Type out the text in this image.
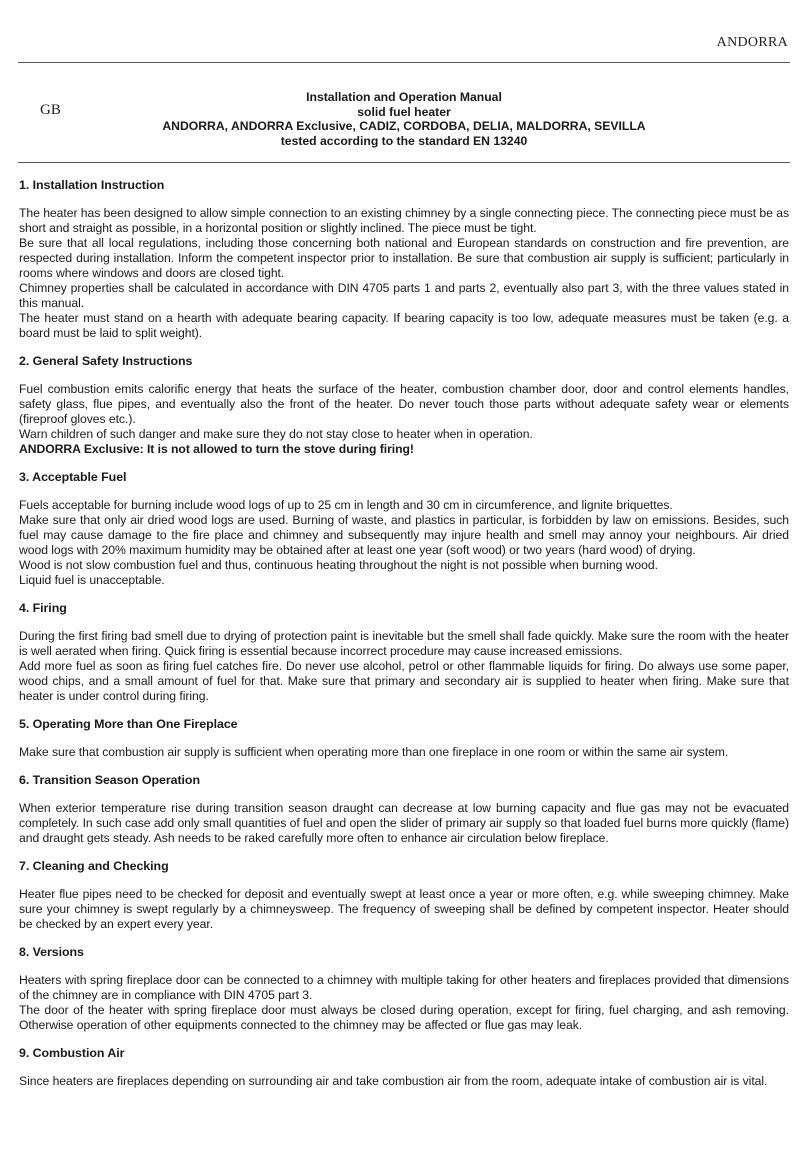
ANDORRA
GB
Installation and Operation Manual
solid fuel heater
ANDORRA, ANDORRA Exclusive, CADIZ, CORDOBA, DELIA, MALDORRA, SEVILLA
tested according to the standard EN 13240
1. Installation Instruction

The heater has been designed to allow simple connection to an existing chimney by a single connecting piece. The connecting piece must be as short and straight as possible, in a horizontal position or slightly inclined. The piece must be tight.

Be sure that all local regulations, including those concerning both national and European standards on construction and fire prevention, are respected during installation. Inform the competent inspector prior to installation. Be sure that combustion air supply is sufficient; particularly in rooms where windows and doors are closed tight.

Chimney properties shall be calculated in accordance with DIN 4705 parts 1 and parts 2, eventually also part 3, with the three values stated in this manual.

The heater must stand on a hearth with adequate bearing capacity. If bearing capacity is too low, adequate measures must be taken (e.g. a board must be laid to split weight).

2. General Safety Instructions

Fuel combustion emits calorific energy that heats the surface of the heater, combustion chamber door, door and control elements handles, safety glass, flue pipes, and eventually also the front of the heater. Do never touch those parts without adequate safety wear or elements (fireproof gloves etc.).

Warn children of such danger and make sure they do not stay close to heater when in operation.

ANDORRA Exclusive: It is not allowed to turn the stove during firing!

3. Acceptable Fuel

Fuels acceptable for burning include wood logs of up to 25 cm in length and 30 cm in circumference, and lignite briquettes.

Make sure that only air dried wood logs are used. Burning of waste, and plastics in particular, is forbidden by law on emissions. Besides, such fuel may cause damage to the fire place and chimney and subsequently may injure health and smell may annoy your neighbours. Air dried wood logs with 20% maximum humidity may be obtained after at least one year (soft wood) or two years (hard wood) of drying.

Wood is not slow combustion fuel and thus, continuous heating throughout the night is not possible when burning wood.

Liquid fuel is unacceptable.

4. Firing

During the first firing bad smell due to drying of protection paint is inevitable but the smell shall fade quickly. Make sure the room with the heater is well aerated when firing. Quick firing is essential because incorrect procedure may cause increased emissions.

Add more fuel as soon as firing fuel catches fire. Do never use alcohol, petrol or other flammable liquids for firing. Do always use some paper, wood chips, and a small amount of fuel for that. Make sure that primary and secondary air is supplied to heater when firing. Make sure that heater is under control during firing.

5. Operating More than One Fireplace

Make sure that combustion air supply is sufficient when operating more than one fireplace in one room or within the same air system.

6. Transition Season Operation

When exterior temperature rise during transition season draught can decrease at low burning capacity and flue gas may not be evacuated completely. In such case add only small quantities of fuel and open the slider of primary air supply so that loaded fuel burns more quickly (flame) and draught gets steady. Ash needs to be raked carefully more often to enhance air circulation below fireplace.

7. Cleaning and Checking

Heater flue pipes need to be checked for deposit and eventually swept at least once a year or more often, e.g. while sweeping chimney. Make sure your chimney is swept regularly by a chimneysweep. The frequency of sweeping shall be defined by competent inspector. Heater should be checked by an expert every year.

8. Versions

Heaters with spring fireplace door can be connected to a chimney with multiple taking for other heaters and fireplaces provided that dimensions of the chimney are in compliance with DIN 4705 part 3.

The door of the heater with spring fireplace door must always be closed during operation, except for firing, fuel charging, and ash removing. Otherwise operation of other equipments connected to the chimney may be affected or flue gas may leak.

9. Combustion Air

Since heaters are fireplaces depending on surrounding air and take combustion air from the room, adequate intake of combustion air is vital.
